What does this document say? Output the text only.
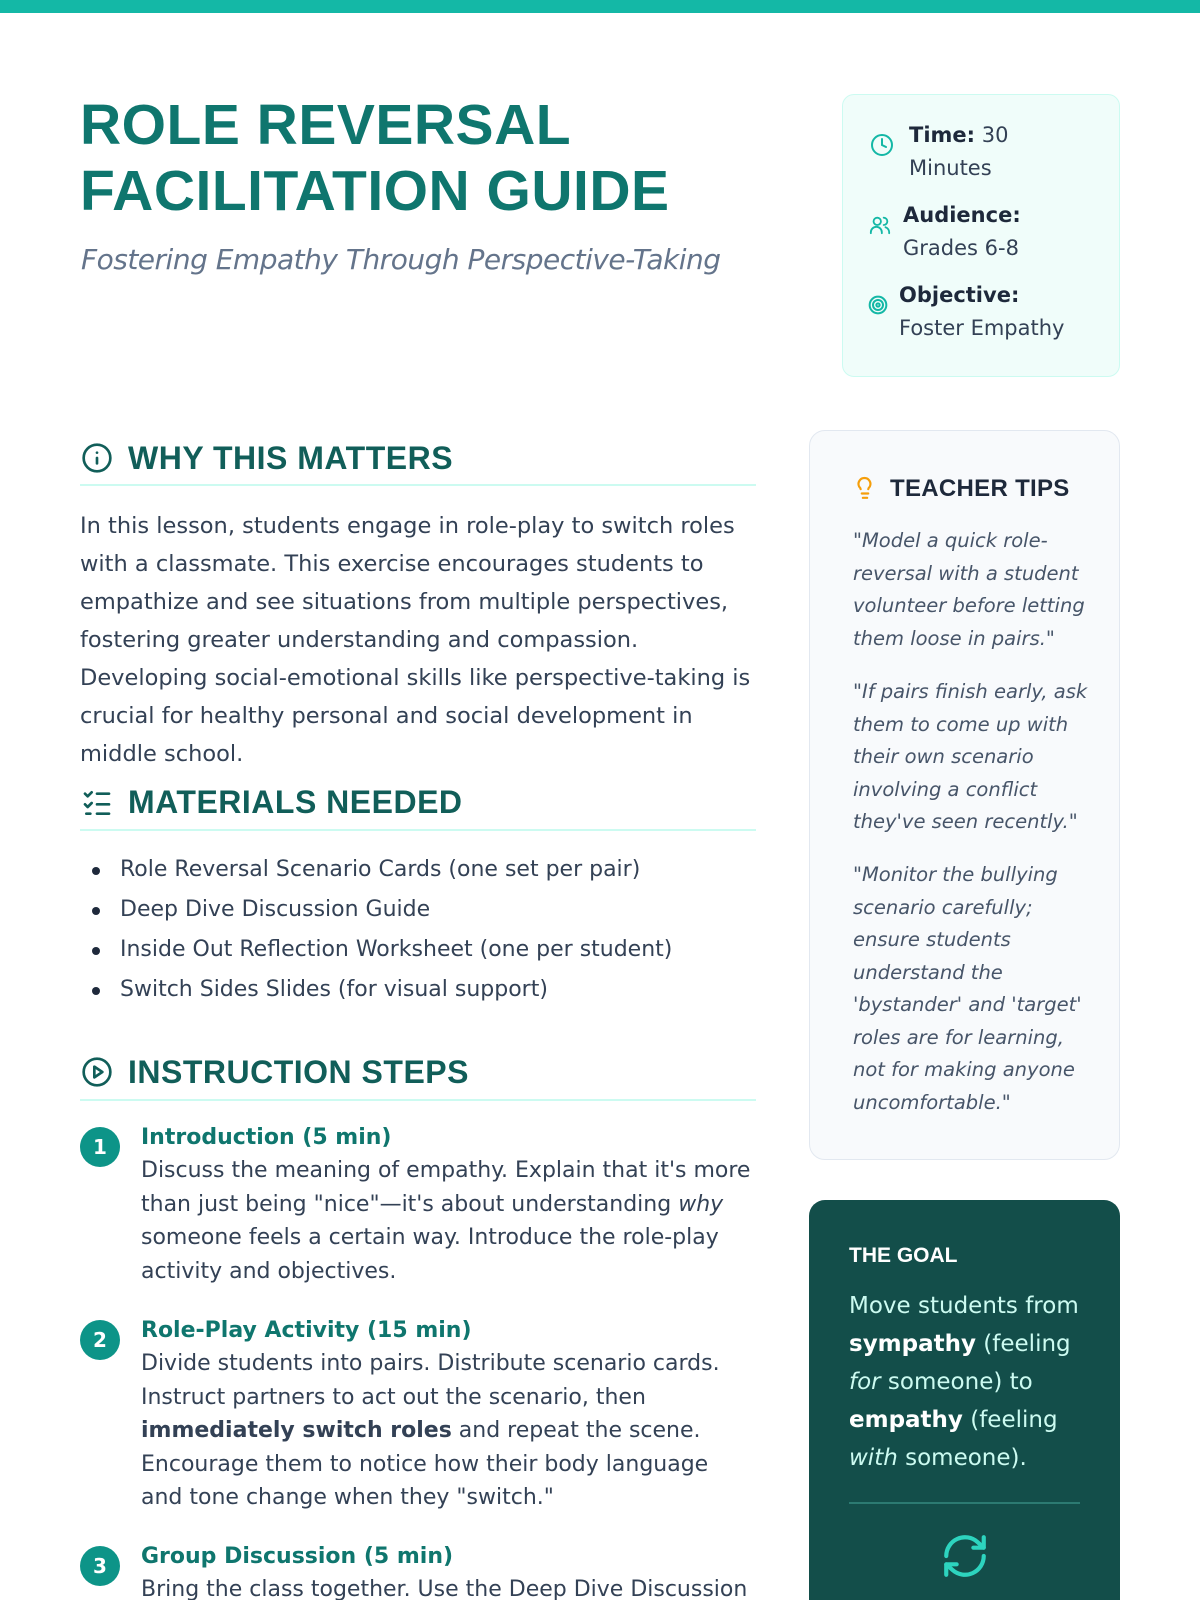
ROLE REVERSAL
FACILITATION GUIDE
Fostering Empathy Through Perspective-Taking
Time: 30
Minutes
Audience:
Grades 6-8
Objective:
Foster Empathy
WHY THIS MATTERS

In this lesson, students engage in role-play to switch roles with a classmate. This exercise encourages students to empathize and see situations from multiple perspectives, fostering greater understanding and compassion. Developing social-emotional skills like perspective-taking is crucial for healthy personal and social development in middle school.

MATERIALS NEEDED
Role Reversal Scenario Cards (one set per pair)
Deep Dive Discussion Guide
Inside Out Reflection Worksheet (one per student)
Switch Sides Slides (for visual support)
INSTRUCTION STEPS
1	Introduction (5 min)
Discuss the meaning of empathy. Explain that it's more than just being "nice"—it's about understanding why someone feels a certain way. Introduce the role-play activity and objectives.
2	Role-Play Activity (15 min)
Divide students into pairs. Distribute scenario cards. Instruct partners to act out the scenario, then immediately switch roles and repeat the scene. Encourage them to notice how their body language and tone change when they "switch."
3	Group Discussion (5 min)
Bring the class together. Use the Deep Dive Discussion
TEACHER TIPS
"Model a quick role-reversal with a student volunteer before letting them loose in pairs."
"If pairs finish early, ask them to come up with their own scenario involving a conflict they've seen recently."
"Monitor the bullying scenario carefully; ensure students understand the 'bystander' and 'target' roles are for learning, not for making anyone uncomfortable."
THE GOAL
Move students from sympathy (feeling for someone) to empathy (feeling with someone).
